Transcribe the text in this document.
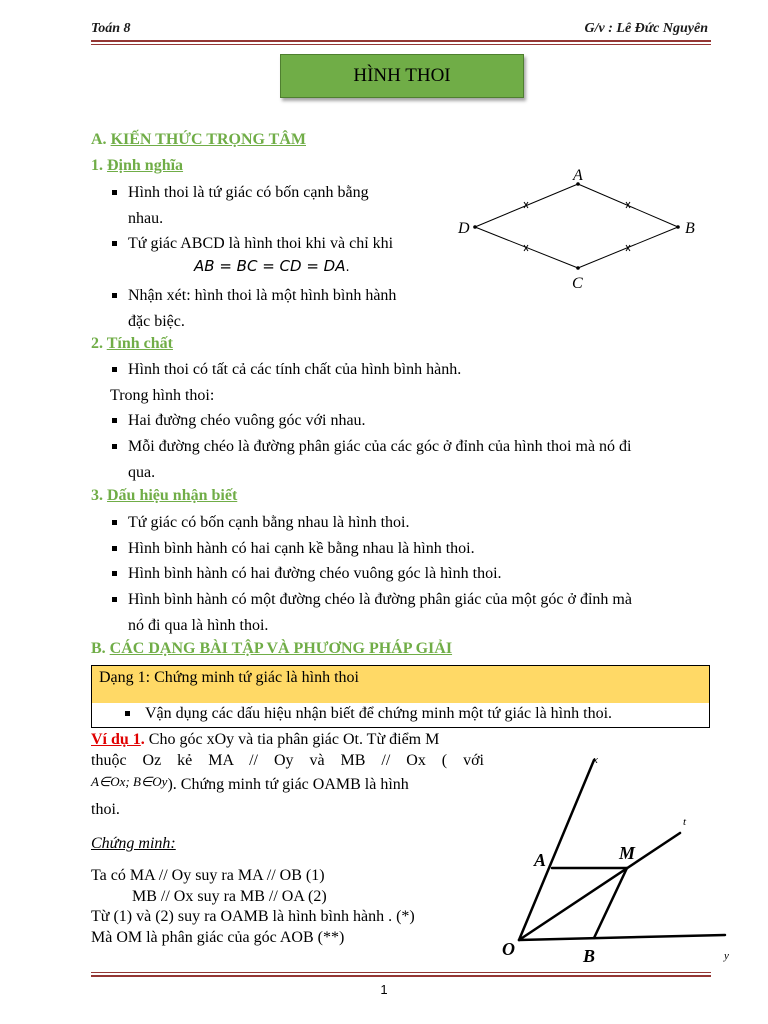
Toán 8	G/v : Lê Đức Nguyên
HÌNH THOI
A. KIẾN THỨC TRỌNG TÂM
1. Định nghĩa
Hình thoi là tứ giác có bốn cạnh bằng
nhau.
Tứ giác ABCD là hình thoi khi và chỉ khi
AB = BC = CD = DA.
Nhận xét: hình thoi là một hình bình hành
đặc biệc.
A
B
C
D
2. Tính chất
Hình thoi có tất cả các tính chất của hình bình hành.
Trong hình thoi:
Hai đường chéo vuông góc với nhau.
Mỗi đường chéo là đường phân giác của các góc ở đỉnh của hình thoi mà nó đi
qua.
3. Dấu hiệu nhận biết
Tứ giác có bốn cạnh bằng nhau là hình thoi.
Hình bình hành có hai cạnh kề bằng nhau là hình thoi.
Hình bình hành có hai đường chéo vuông góc là hình thoi.
Hình bình hành có một đường chéo là đường phân giác của một góc ở đỉnh mà
nó đi qua là hình thoi.
B. CÁC DẠNG BÀI TẬP VÀ PHƯƠNG PHÁP GIẢI
Dạng 1: Chứng minh tứ giác là hình thoi
Vận dụng các dấu hiệu nhận biết để chứng minh một tứ giác là hình thoi.
Ví dụ 1. Cho góc xOy và tia phân giác Ot. Từ điểm M
thuộc Oz kẻ MA // Oy và MB // Ox ( với
A∈Ox; B∈Oy). Chứng minh tứ giác OAMB là hình
thoi.
Chứng minh:
Ta có MA // Oy suy ra MA // OB (1)
MB // Ox suy ra MB // OA (2)
Từ (1) và (2) suy ra OAMB là hình bình hành . (*)
Mà OM là phân giác của góc AOB (**)
x
t
y
A	M
O	B
1
